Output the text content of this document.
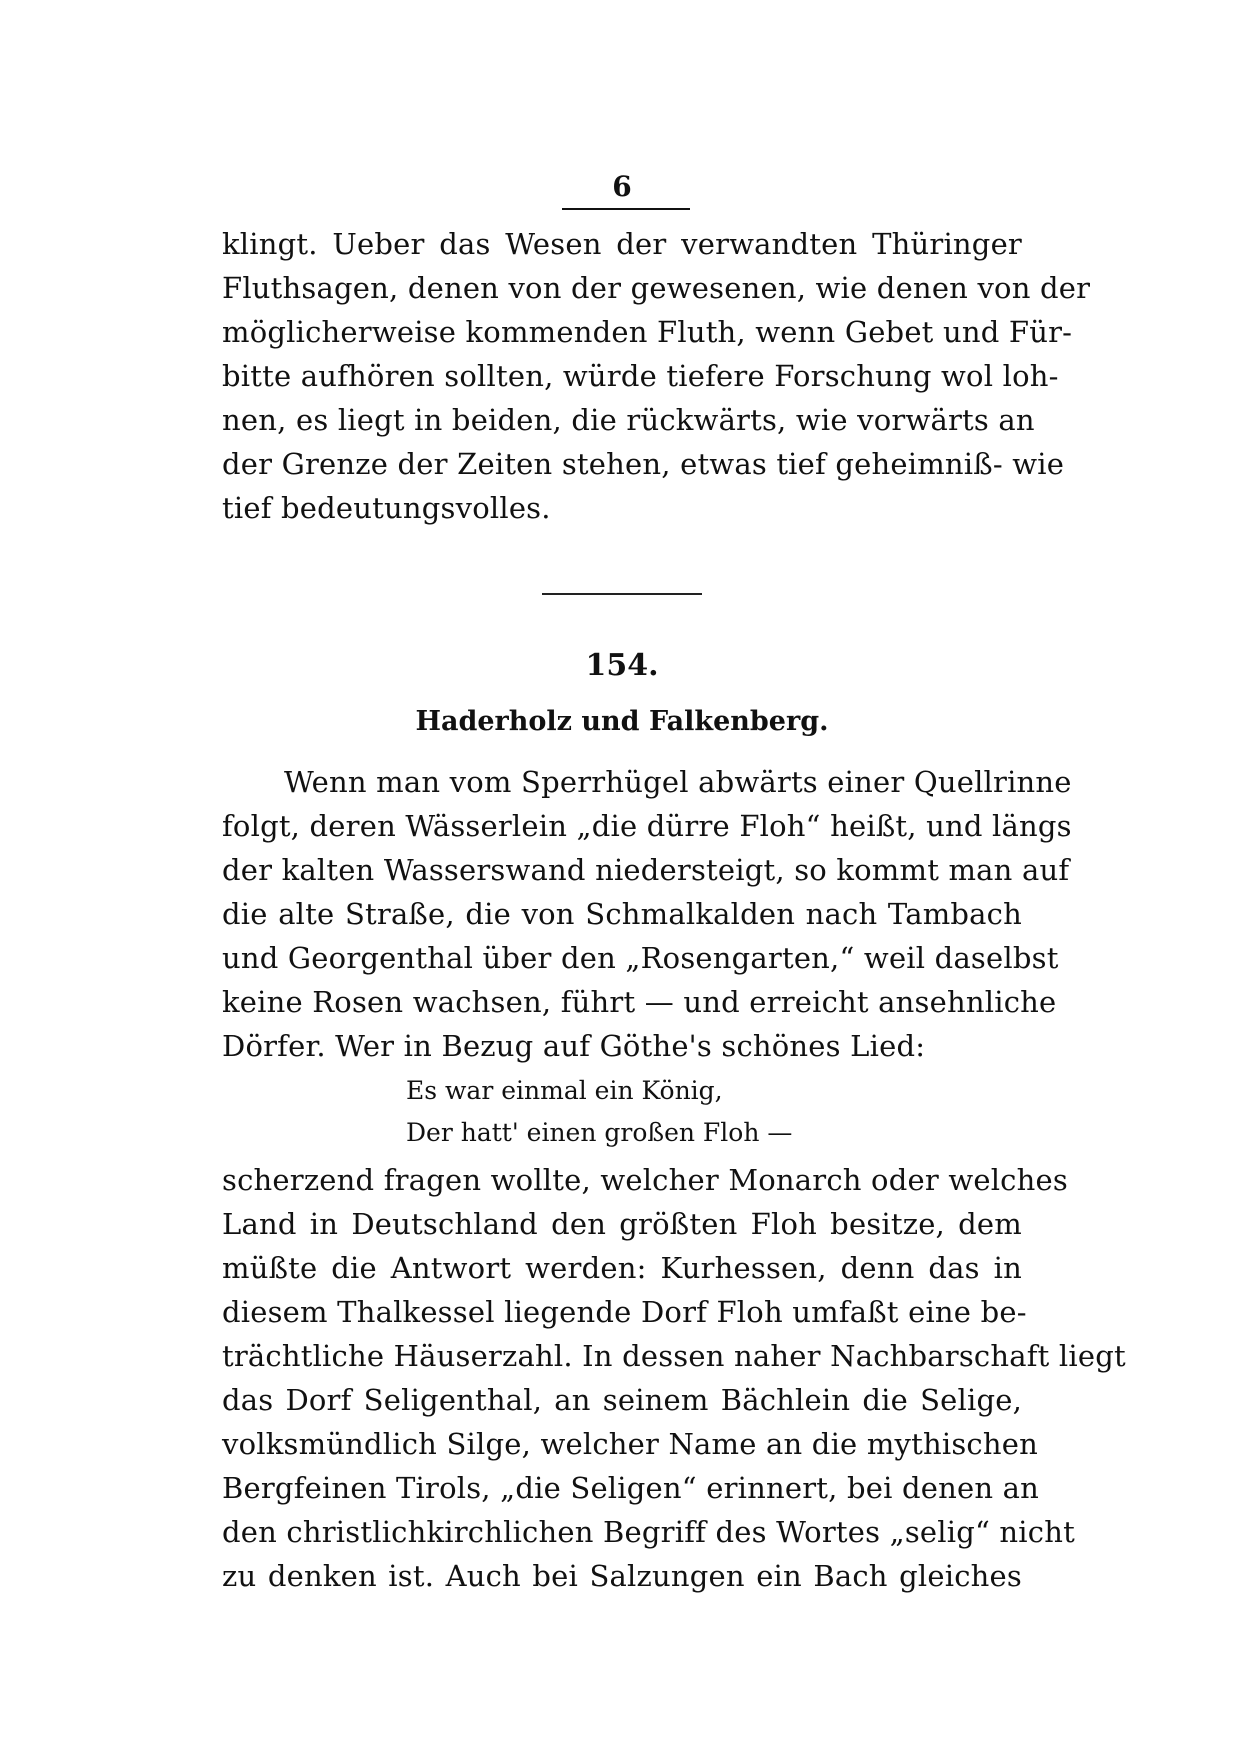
6
klingt. Ueber das Wesen der verwandten Thüringer
Fluthsagen, denen von der gewesenen, wie denen von der
möglicherweise kommenden Fluth, wenn Gebet und Für-
bitte aufhören sollten, würde tiefere Forschung wol loh-
nen, es liegt in beiden, die rückwärts, wie vorwärts an
der Grenze der Zeiten stehen, etwas tief geheimniß- wie
tief bedeutungsvolles.
154.
Haderholz und Falkenberg.
Wenn man vom Sperrhügel abwärts einer Quellrinne
folgt, deren Wässerlein „die dürre Floh“ heißt, und längs
der kalten Wasserswand niedersteigt, so kommt man auf
die alte Straße, die von Schmalkalden nach Tambach
und Georgenthal über den „Rosengarten,“ weil daselbst
keine Rosen wachsen, führt — und erreicht ansehnliche
Dörfer. Wer in Bezug auf Göthe's schönes Lied:
Es war einmal ein König,
Der hatt' einen großen Floh —
scherzend fragen wollte, welcher Monarch oder welches
Land in Deutschland den größten Floh besitze, dem
müßte die Antwort werden: Kurhessen, denn das in
diesem Thalkessel liegende Dorf Floh umfaßt eine be-
trächtliche Häuserzahl. In dessen naher Nachbarschaft liegt
das Dorf Seligenthal, an seinem Bächlein die Selige,
volksmündlich Silge, welcher Name an die mythischen
Bergfeinen Tirols, „die Seligen“ erinnert, bei denen an
den christlichkirchlichen Begriff des Wortes „selig“ nicht
zu denken ist. Auch bei Salzungen ein Bach gleiches
